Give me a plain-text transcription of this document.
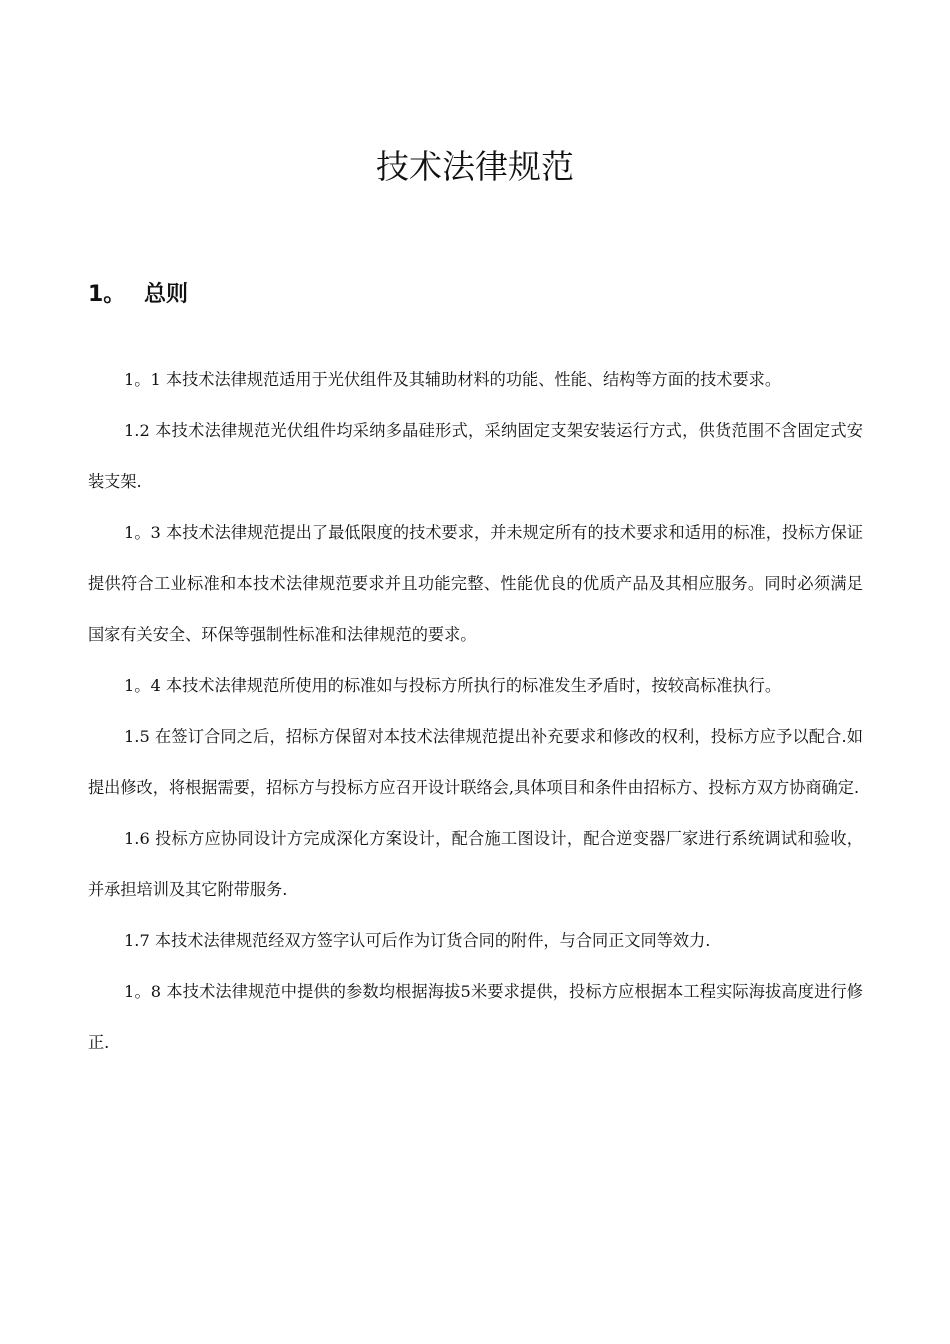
技术法律规范
1。 总则

1。1 本技术法律规范适用于光伏组件及其辅助材料的功能、性能、结构等方面的技术要求。

1.2 本技术法律规范光伏组件均采纳多晶硅形式，采纳固定支架安装运行方式，供货范围不含固定式安装支架.

1。3 本技术法律规范提出了最低限度的技术要求，并未规定所有的技术要求和适用的标准，投标方保证提供符合工业标准和本技术法律规范要求并且功能完整、性能优良的优质产品及其相应服务。同时必须满足国家有关安全、环保等强制性标准和法律规范的要求。

1。4 本技术法律规范所使用的标准如与投标方所执行的标准发生矛盾时，按较高标准执行。

1.5 在签订合同之后，招标方保留对本技术法律规范提出补充要求和修改的权利，投标方应予以配合.如提出修改，将根据需要，招标方与投标方应召开设计联络会,具体项目和条件由招标方、投标方双方协商确定.

1.6 投标方应协同设计方完成深化方案设计，配合施工图设计，配合逆变器厂家进行系统调试和验收，并承担培训及其它附带服务.

1.7 本技术法律规范经双方签字认可后作为订货合同的附件，与合同正文同等效力.

1。8 本技术法律规范中提供的参数均根据海拔5米要求提供，投标方应根据本工程实际海拔高度进行修正.
